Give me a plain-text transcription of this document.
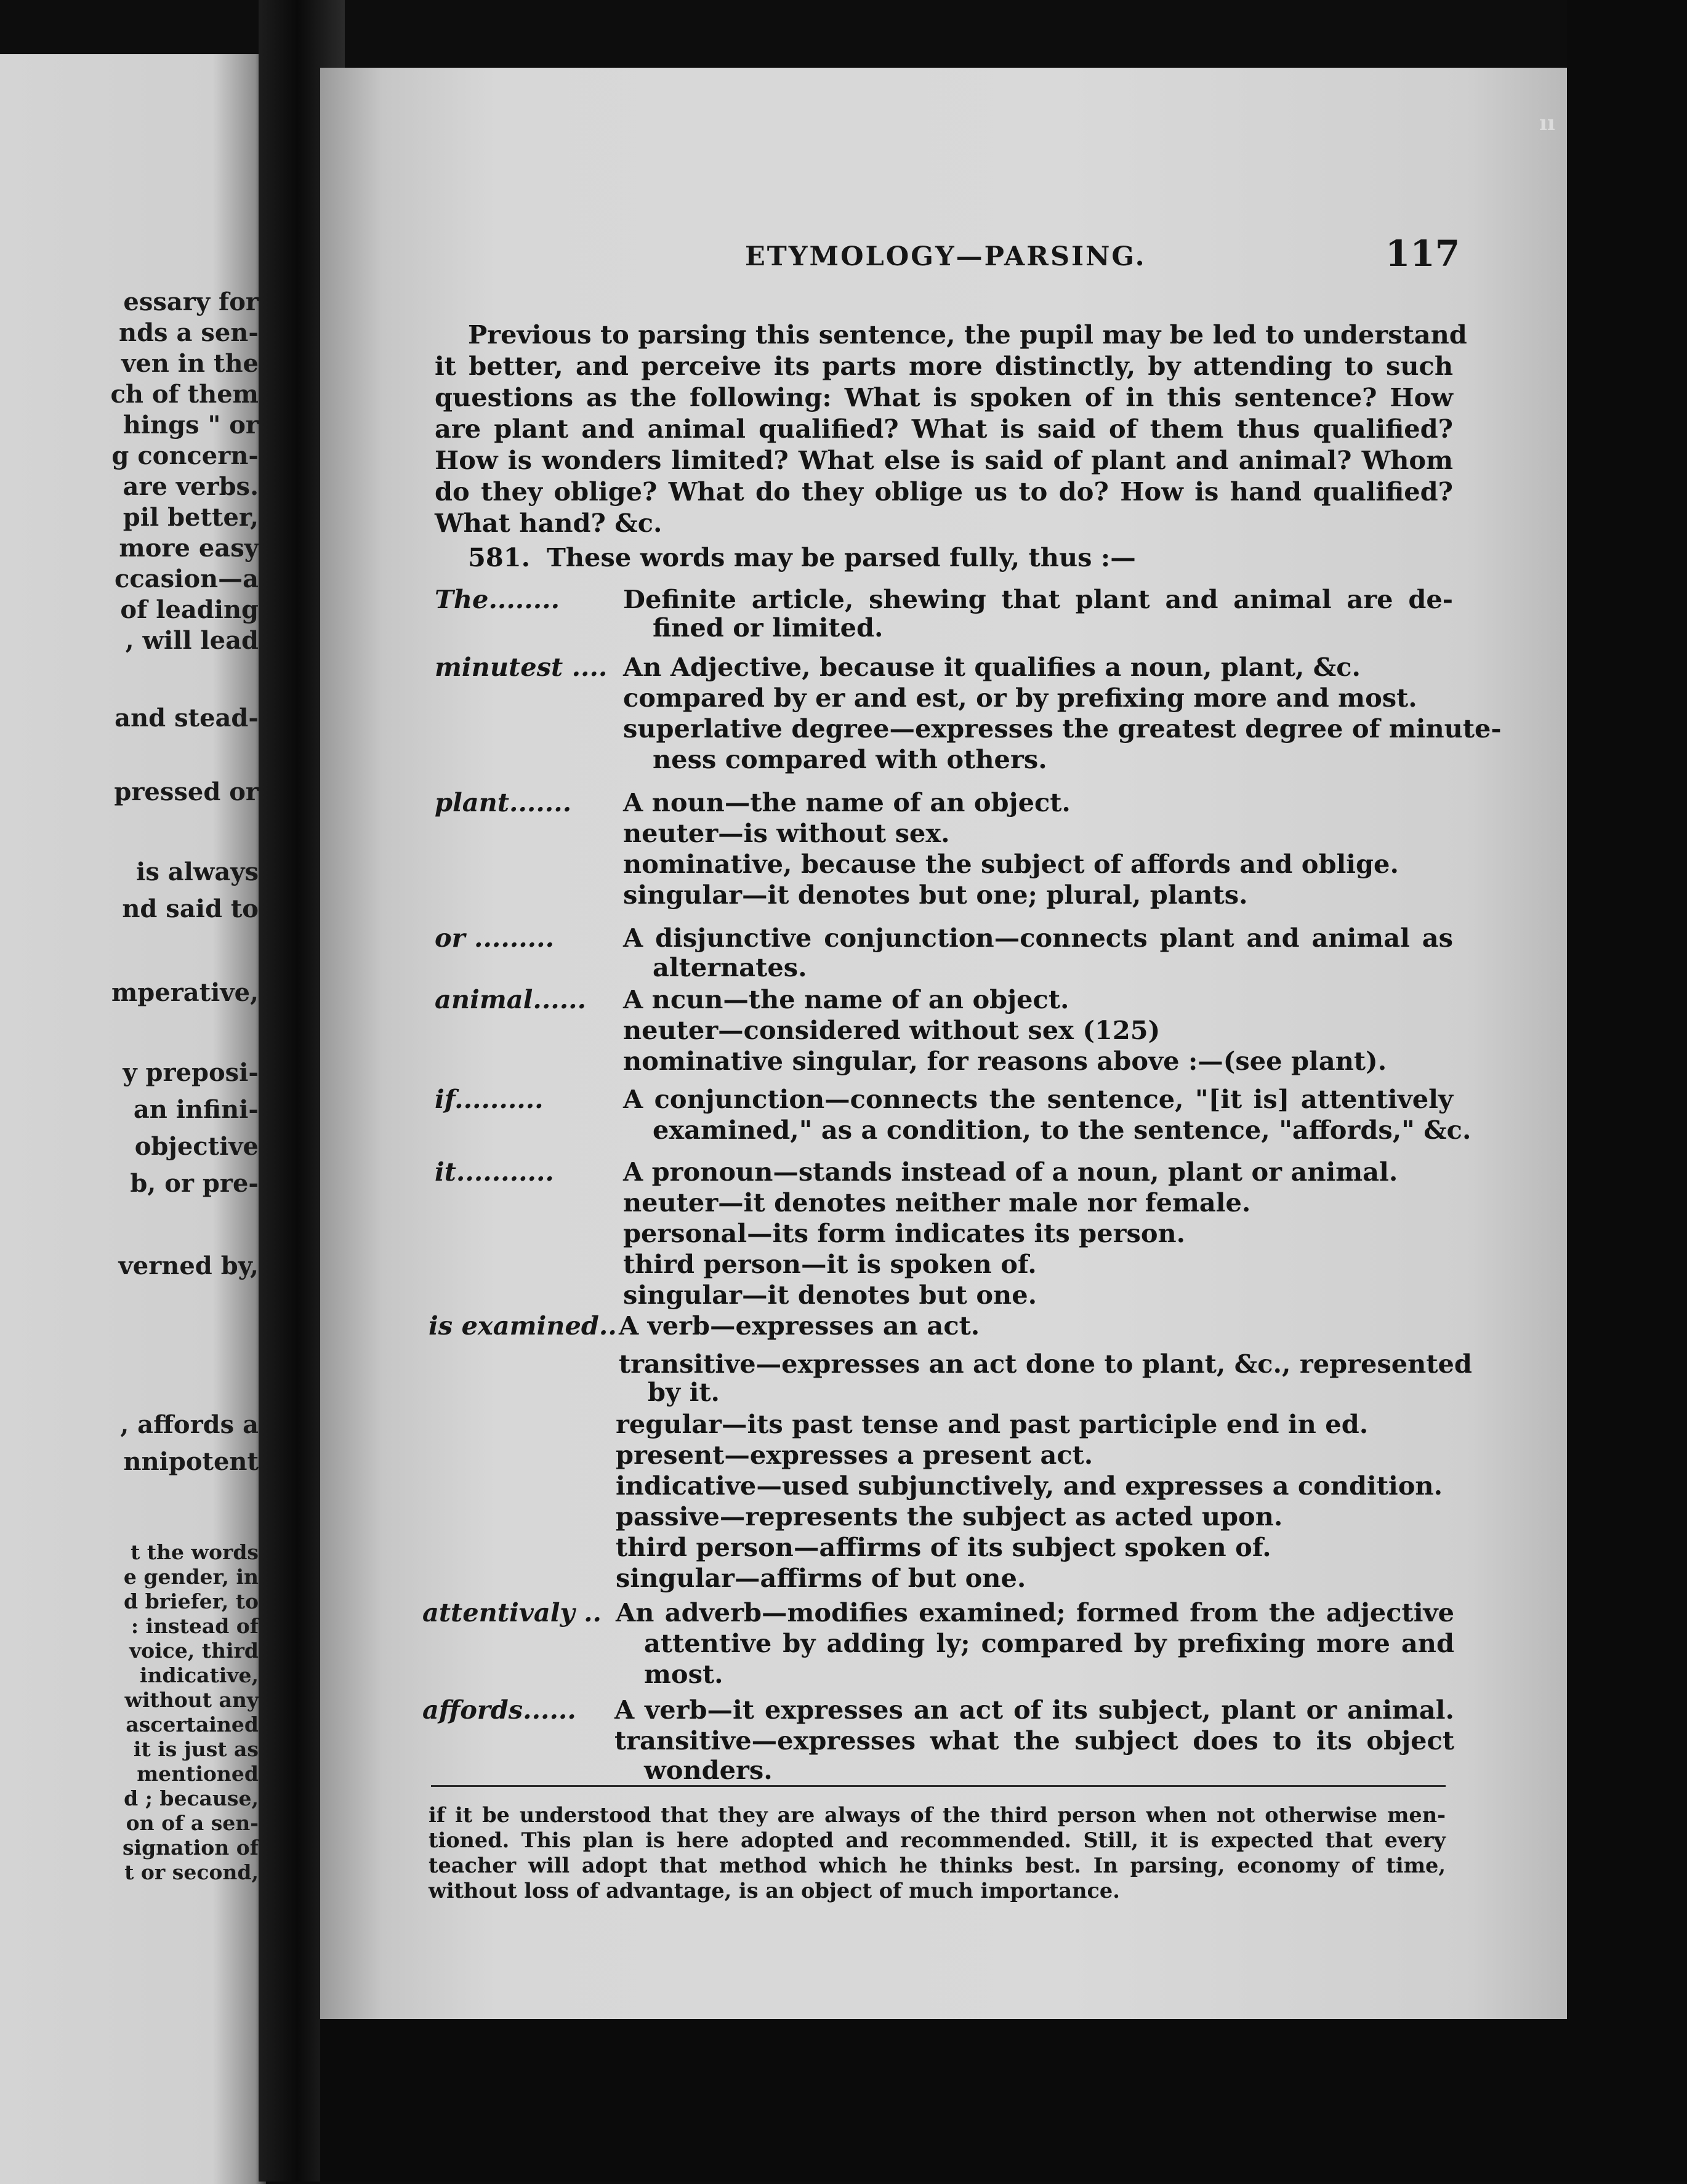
ıı
ETYMOLOGY—PARSING.	117
Previous to parsing this sentence, the pupil may be led to understand
it better, and perceive its parts more distinctly, by attending to such
questions as the following: What is spoken of in this sentence? How
are plant and animal qualified? What is said of them thus qualified?
How is wonders limited? What else is said of plant and animal? Whom
do they oblige? What do they oblige us to do? How is hand qualified?
What hand? &c.
581. These words may be parsed fully, thus :—
The........ Definite article, shewing that plant and animal are de-
fined or limited.
minutest .... An Adjective, because it qualifies a noun, plant, &c.
compared by er and est, or by prefixing more and most.
superlative degree—expresses the greatest degree of minute-
ness compared with others.
plant....... A noun—the name of an object.
neuter—is without sex.
nominative, because the subject of affords and oblige.
singular—it denotes but one; plural, plants.
or .........	A disjunctive conjunction—connects plant and animal as
alternates.
animal...... A ncun—the name of an object.
neuter—considered without sex (125)
nominative singular, for reasons above :—(see plant).
if..........	A conjunction—connects the sentence, "[it is] attentively
examined," as a condition, to the sentence, "affords," &c.
it...........	A pronoun—stands instead of a noun, plant or animal.
neuter—it denotes neither male nor female.
personal—its form indicates its person.
third person—it is spoken of.
singular—it denotes but one.
is examined.. A verb—expresses an act.
transitive—expresses an act done to plant, &c., represented
by it.
regular—its past tense and past participle end in ed.
present—expresses a present act.
indicative—used subjunctively, and expresses a condition.
passive—represents the subject as acted upon.
third person—affirms of its subject spoken of.
singular—affirms of but one.
attentivaly .. An adverb—modifies examined; formed from the adjective
attentive by adding ly; compared by prefixing more and
most.
affords...... A verb—it expresses an act of its subject, plant or animal.
transitive—expresses what the subject does to its object
wonders.
if it be understood that they are always of the third person when not otherwise men-
tioned. This plan is here adopted and recommended. Still, it is expected that every
teacher will adopt that method which he thinks best. In parsing, economy of time,
without loss of advantage, is an object of much importance.
essary for
nds a sen-
ven in the
ch of them
hings " or
g concern-
are verbs.
pil better,
more easy
ccasion—a
of leading
, will lead
and stead-
pressed or
is always
nd said to
mperative,
y preposi-
an infini-
objective
b, or pre-
verned by,
, affords a
nnipotent
t the words
e gender, in
d briefer, to
: instead of
voice, third
indicative,
without any
ascertained
it is just as
mentioned
d ; because,
on of a sen-
signation of
t or second,
